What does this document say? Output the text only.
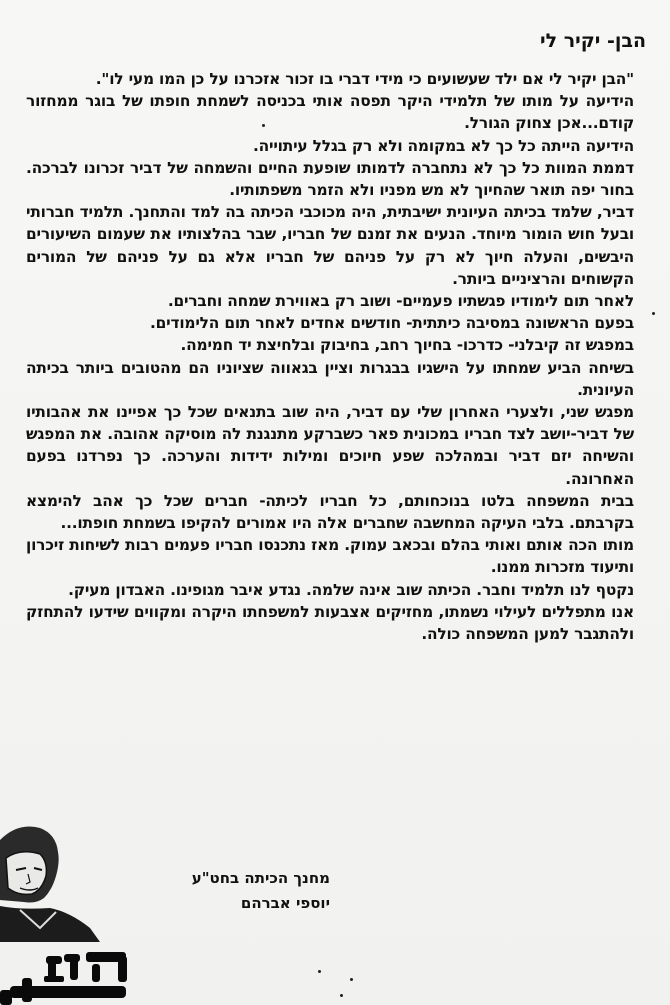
הבן- יקיר לי

"הבן יקיר לי אם ילד שעשועים כי מידי דברי בו זכור אזכרנו על כן המו מעי לו".

הידיעה על מותו של תלמידי היקר תפסה אותי בכניסה לשמחת חופתו של בוגר ממחזור קודם...אכן צחוק הגורל.

הידיעה הייתה כל כך לא במקומה ולא רק בגלל עיתוייה.

דממת המוות כל כך לא נתחברה לדמותו שופעת החיים והשמחה של דביר זכרונו לברכה. בחור יפה תואר שהחיוך לא מש מפניו ולא הזמר משפתותיו.

דביר, שלמד בכיתה העיונית ישיבתית, היה מכוכבי הכיתה בה למד והתחנך. תלמיד חברותי ובעל חוש הומור מיוחד. הנעים את זמנם של חבריו, שבר בהלצותיו את שעמום השיעורים היבשים, והעלה חיוך לא רק על פניהם של חבריו אלא גם על פניהם של המורים הקשוחים והרציניים ביותר.

לאחר תום לימודיו פגשתיו פעמיים- ושוב רק באווירת שמחה וחברים.

בפעם הראשונה במסיבה כיתתית- חודשים אחדים לאחר תום הלימודים.

במפגש זה קיבלני- כדרכו- בחיוך רחב, בחיבוק ובלחיצת יד חמימה.

בשיחה הביע שמחתו על הישגיו בבגרות וציין בגאווה שציוניו הם מהטובים ביותר בכיתה העיונית.

מפגש שני, ולצערי האחרון שלי עם דביר, היה שוב בתנאים שכל כך אפיינו את אהבותיו של דביר-יושב לצד חבריו במכונית פאר כשברקע מתנגנת לה מוסיקה אהובה. את המפגש והשיחה יזם דביר ובמהלכה שפע חיוכים ומילות ידידות והערכה. כך נפרדנו בפעם האחרונה.

בבית המשפחה בלטו בנוכחותם, כל חבריו לכיתה- חברים שכל כך אהב להימצא בקרבתם. בלבי העיקה המחשבה שחברים אלה היו אמורים להקיפו בשמחת חופתו...

מותו הכה אותם ואותי בהלם ובכאב עמוק. מאז נתכנסו חבריו פעמים רבות לשיחות זיכרון ותיעוד מזכרות ממנו.

נקטף לנו תלמיד וחבר. הכיתה שוב אינה שלמה. נגדע איבר מגופינו. האבדון מעיק.

אנו מתפללים לעילוי נשמתו, מחזיקים אצבעות למשפחתו היקרה ומקווים שידעו להתחזק ולהתגבר למען המשפחה כולה.

מחנך הכיתה בחט"ע
יוספי אברהם
